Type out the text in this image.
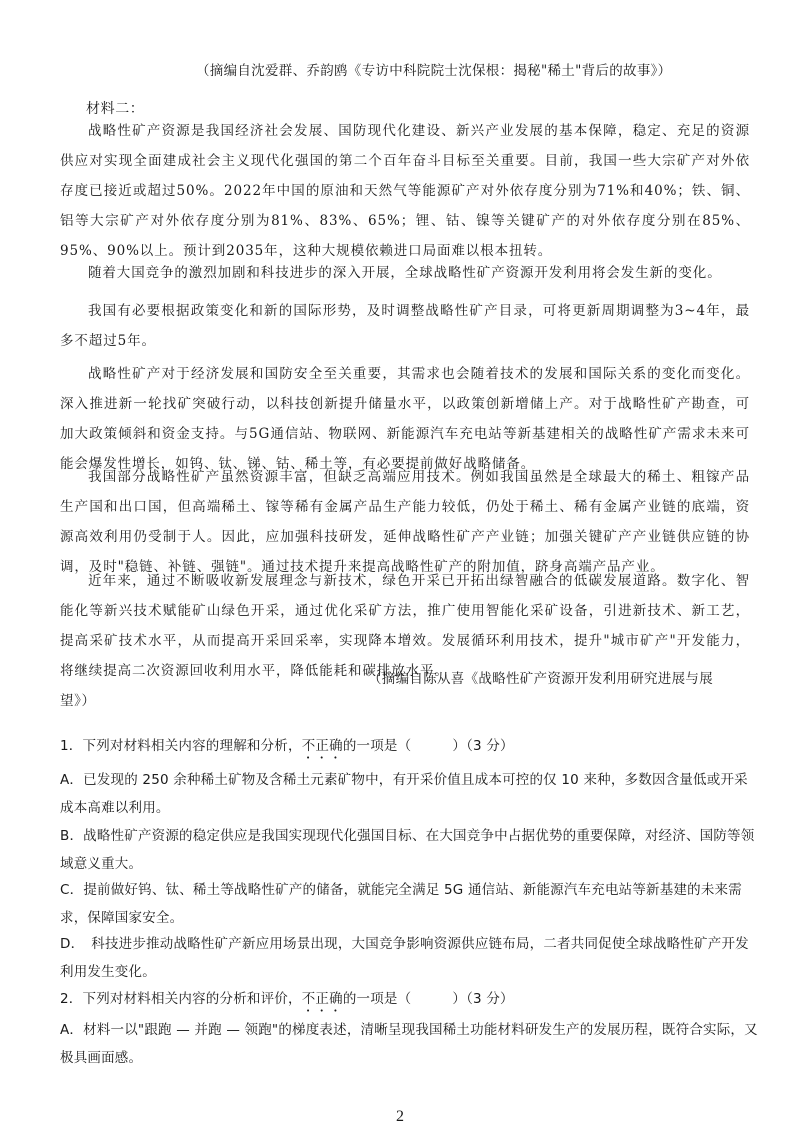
（摘编自沈爱群、乔韵鸥《专访中科院院士沈保根：揭秘"稀土"背后的故事》）
材料二：
战略性矿产资源是我国经济社会发展、国防现代化建设、新兴产业发展的基本保障，稳定、充足的资源供应对实现全面建成社会主义现代化强国的第二个百年奋斗目标至关重要。目前，我国一些大宗矿产对外依存度已接近或超过50%。2022年中国的原油和天然气等能源矿产对外依存度分别为71%和40%；铁、铜、铝等大宗矿产对外依存度分别为81%、83%、65%；锂、钴、镍等关键矿产的对外依存度分别在85%、95%、90%以上。预计到2035年，这种大规模依赖进口局面难以根本扭转。
随着大国竞争的激烈加剧和科技进步的深入开展，全球战略性矿产资源开发利用将会发生新的变化。
我国有必要根据政策变化和新的国际形势，及时调整战略性矿产目录，可将更新周期调整为3~4年，最多不超过5年。
战略性矿产对于经济发展和国防安全至关重要，其需求也会随着技术的发展和国际关系的变化而变化。深入推进新一轮找矿突破行动，以科技创新提升储量水平，以政策创新增储上产。对于战略性矿产勘查，可加大政策倾斜和资金支持。与5G通信站、物联网、新能源汽车充电站等新基建相关的战略性矿产需求未来可能会爆发性增长，如钨、钛、锑、钴、稀土等，有必要提前做好战略储备。
我国部分战略性矿产虽然资源丰富，但缺乏高端应用技术。例如我国虽然是全球最大的稀土、粗镓产品生产国和出口国，但高端稀土、镓等稀有金属产品生产能力较低，仍处于稀土、稀有金属产业链的底端，资源高效利用仍受制于人。因此，应加强科技研发，延伸战略性矿产产业链；加强关键矿产产业链供应链的协调，及时"稳链、补链、强链"。通过技术提升来提高战略性矿产的附加值，跻身高端产品产业。
近年来，通过不断吸收新发展理念与新技术，绿色开采已开拓出绿智融合的低碳发展道路。数字化、智能化等新兴技术赋能矿山绿色开采，通过优化采矿方法，推广使用智能化采矿设备，引进新技术、新工艺，提高采矿技术水平，从而提高开采回采率，实现降本增效。发展循环利用技术，提升"城市矿产"开发能力，将继续提高二次资源回收利用水平，降低能耗和碳排放水平。
（摘编自陈从喜《战略性矿产资源开发利用研究进展与展
望》）
1．下列对材料相关内容的理解和分析，不正确的一项是（　　　）（3 分）
A．已发现的 250 余种稀土矿物及含稀土元素矿物中，有开采价值且成本可控的仅 10 来种，多数因含量低或开采成本高难以利用。
B．战略性矿产资源的稳定供应是我国实现现代化强国目标、在大国竞争中占据优势的重要保障，对经济、国防等领域意义重大。
C．提前做好钨、钛、稀土等战略性矿产的储备，就能完全满足 5G 通信站、新能源汽车充电站等新基建的未来需求，保障国家安全。
D．　科技进步推动战略性矿产新应用场景出现，大国竞争影响资源供应链布局，二者共同促使全球战略性矿产开发利用发生变化。
2．下列对材料相关内容的分析和评价，不正确的一项是（　　　）（3 分）
A．材料一以"跟跑 — 并跑 — 领跑"的梯度表述，清晰呈现我国稀土功能材料研发生产的发展历程，既符合实际，又极具画面感。
2
